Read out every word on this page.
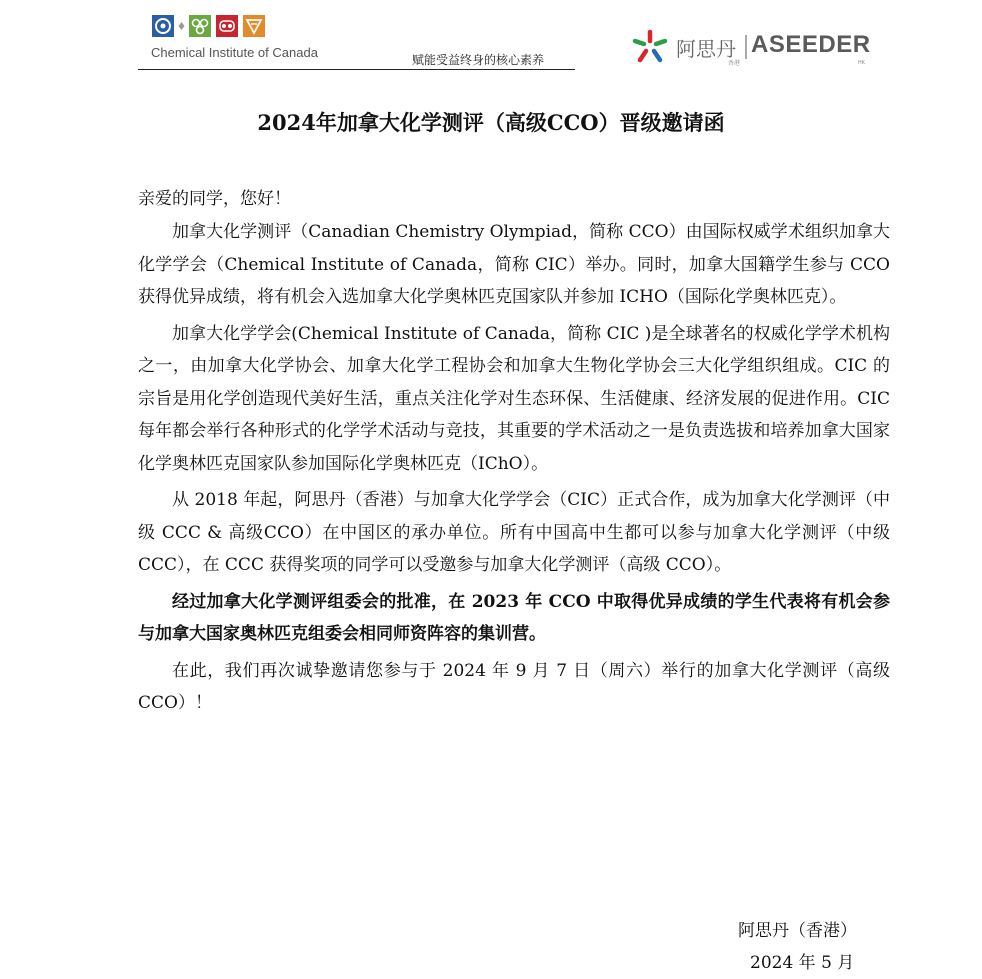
Chemical Institute of Canada	赋能受益终身的核心素养	阿思丹
香港
ASEEDER
HK
2024年加拿大化学测评（高级CCO）晋级邀请函

亲爱的同学，您好！

加拿大化学测评（Canadian Chemistry Olympiad，简称 CCO）由国际权威学术组织加拿大化学学会（Chemical Institute of Canada，简称 CIC）举办。同时，加拿大国籍学生参与 CCO 获得优异成绩，将有机会入选加拿大化学奥林匹克国家队并参加 ICHO（国际化学奥林匹克）。

加拿大化学学会(Chemical Institute of Canada，简称 CIC )是全球著名的权威化学学术机构之一，由加拿大化学协会、加拿大化学工程协会和加拿大生物化学协会三大化学组织组成。CIC 的宗旨是用化学创造现代美好生活，重点关注化学对生态环保、生活健康、经济发展的促进作用。CIC 每年都会举行各种形式的化学学术活动与竞技，其重要的学术活动之一是负责选拔和培养加拿大国家化学奥林匹克国家队参加国际化学奥林匹克（IChO）。

从 2018 年起，阿思丹（香港）与加拿大化学学会（CIC）正式合作，成为加拿大化学测评（中级 CCC & 高级CCO）在中国区的承办单位。所有中国高中生都可以参与加拿大化学测评（中级CCC），在 CCC 获得奖项的同学可以受邀参与加拿大化学测评（高级 CCO）。

经过加拿大化学测评组委会的批准，在 2023 年 CCO 中取得优异成绩的学生代表将有机会参与加拿大国家奥林匹克组委会相同师资阵容的集训营。

在此，我们再次诚挚邀请您参与于 2024 年 9 月 7 日（周六）举行的加拿大化学测评（高级 CCO）！

阿思丹（香港）
2024 年 5 月
